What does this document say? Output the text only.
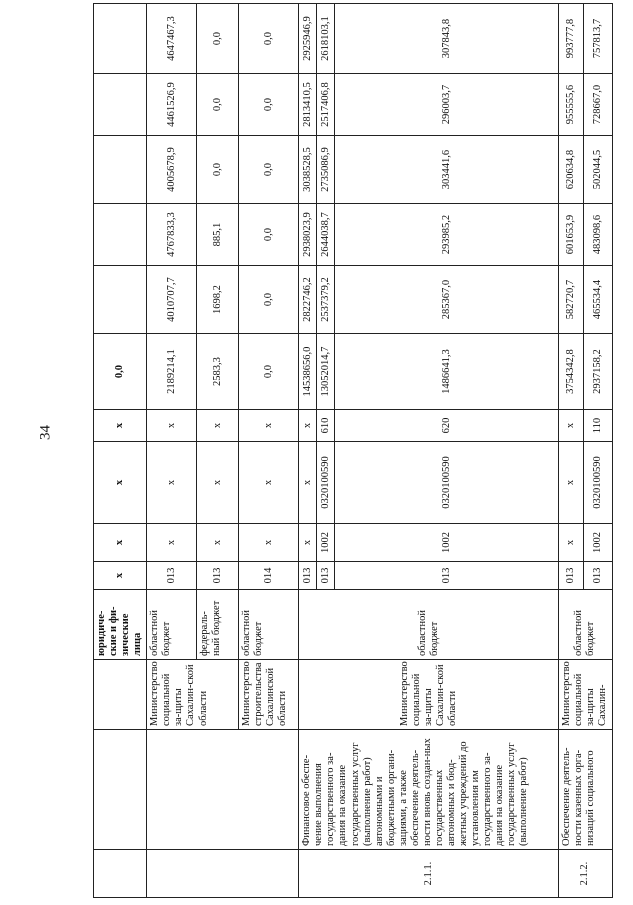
34
			юридиче-ские и фи-зические лица	х	х	х	х	0,0					
		Министерство социальной за-щиты Сахалин-ской области	областной бюджет	013	х	х	х	2189214,1	4010707,7	4767833,3	4005678,9	4461526,9	4647467,3
			федераль-ный бюджет	013	х	х	х	2583,3	1698,2	885,1	0,0	0,0	0,0
		Министерство строительства Сахалинской области	областной бюджет	014	х	х	х	0,0	0,0	0,0	0,0	0,0	0,0
2.1.1.	Финансовое обеспе-чение выполнения государственного за-дания на оказание государственных услуг (выполнение работ) автономными и бюджетными органи-зациями, а также обеспечение деятель-ности вновь создан-ных государственных автономных и бюд-жетных учреждений до установления им государственного за-дания на оказание государственных услуг (выполнение работ)	Министерство социальной за-щиты Сахалин-ской области	областной бюджет	013	х	х	х	14538656,0	2822746,2	2938023,9	3038528,5	2813410,5	2925946,9
				013	1002	0320100590	610	13052014,7	2537379,2	2644038,7	2735086,9	2517406,8	2618103,1
				013	1002	0320100590	620	1486641,3	285367,0	293985,2	303441,6	296003,7	307843,8
2.1.2.	Обеспечение деятель-ности казенных орга-низаций социального	Министерство социальной за-щиты Сахалин-	областной бюджет	013	х	х	х	3754342,8	582720,7	601653,9	620634,8	955555,6	993777,8
				013	1002	0320100590	110	2937158,2	465534,4	483098,6	502044,5	728667,0	757813,7
